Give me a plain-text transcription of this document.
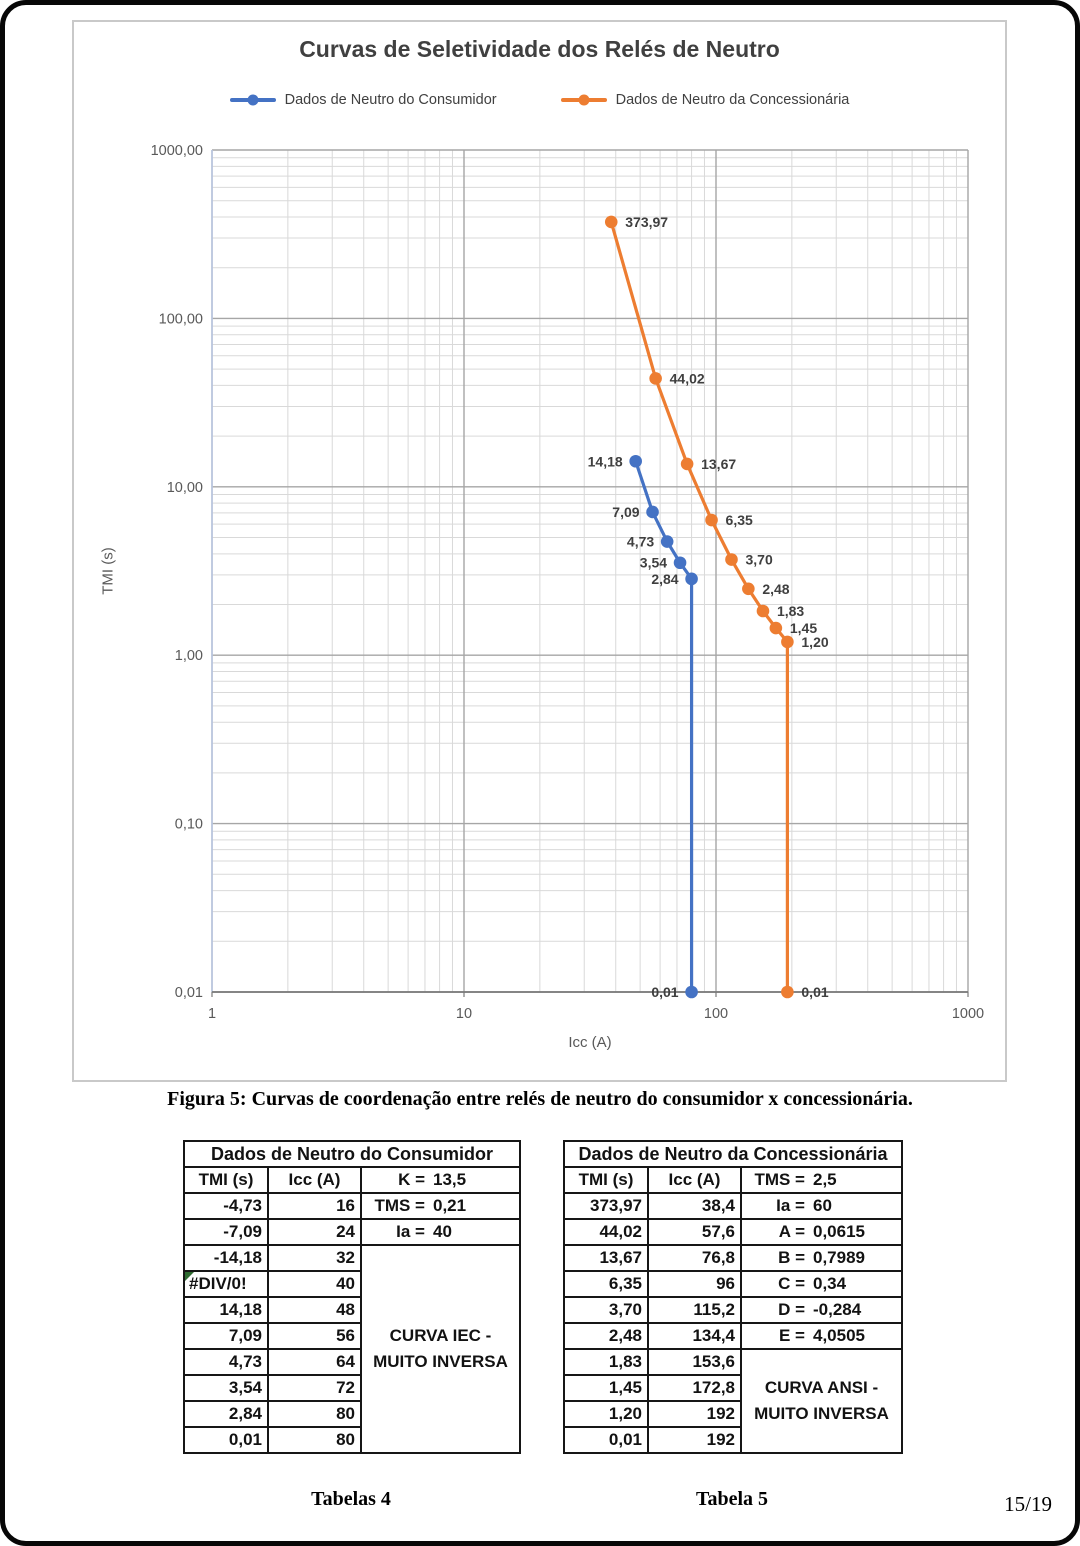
Curvas de Seletividade dos Relés de Neutro
Dados de Neutro do Consumidor	Dados de Neutro da Concessionária
1	10	100	1000
1000,00
100,00
10,00
1,00
0,10
0,01
14,18
7,09
4,73
3,54
2,84
0,01
373,97
44,02
13,67
6,35
3,70
2,48
1,83
1,45
1,20
0,01
TMI (s)
Icc (A)
Figura 5: Curvas de coordenação entre relés de neutro do consumidor x concessionária.
Dados de Neutro do Consumidor		
TMI (s)	Icc (A)	K = 13,5
-4,73	16	TMS = 0,21
-7,09	24	Ia = 40
-14,18	32	CURVA IEC -
MUITO INVERSA

#DIV/0!	40	
14,18	48	
7,09	56	
4,73	64	
3,54	72	
2,84	80	
0,01	80	
Dados de Neutro da Concessionária		
TMI (s)	Icc (A)	TMS = 2,5
373,97	38,4	Ia = 60
44,02	57,6	A = 0,0615
13,67	76,8	B = 0,7989
6,35	96	C = 0,34
3,70	115,2	D = -0,284
2,48	134,4	E = 4,0505
1,83	153,6	CURVA ANSI -
MUITO INVERSA

1,45	172,8	
1,20	192	
0,01	192	
Tabelas 4	Tabela 5	15/19
